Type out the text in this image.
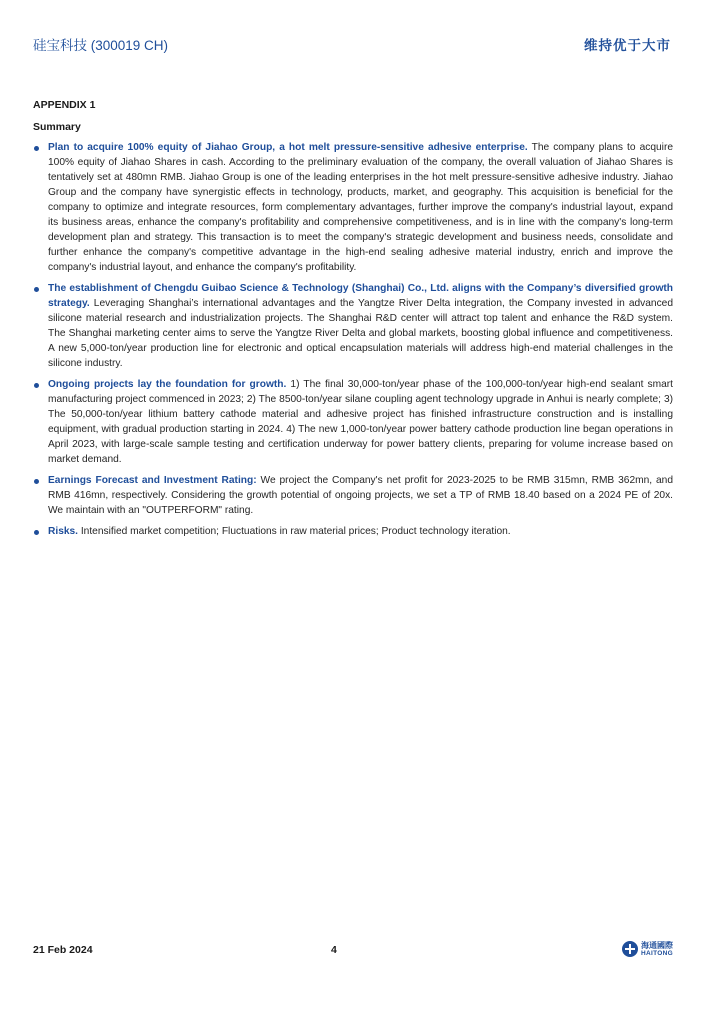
硅宝科技 (300019 CH)	维持优于大市
APPENDIX 1
Summary
Plan to acquire 100% equity of Jiahao Group, a hot melt pressure-sensitive adhesive enterprise. The company plans to acquire 100% equity of Jiahao Shares in cash. According to the preliminary evaluation of the company, the overall valuation of Jiahao Shares is tentatively set at 480mn RMB. Jiahao Group is one of the leading enterprises in the hot melt pressure-sensitive adhesive industry. Jiahao Group and the company have synergistic effects in technology, products, market, and geography. This acquisition is beneficial for the company to optimize and integrate resources, form complementary advantages, further improve the company's industrial layout, expand its business areas, enhance the company's profitability and comprehensive competitiveness, and is in line with the company's long-term development plan and strategy. This transaction is to meet the company's strategic development and business needs, consolidate and further enhance the company's competitive advantage in the high-end sealing adhesive material industry, enrich and improve the company's industrial layout, and enhance the company's profitability.
The establishment of Chengdu Guibao Science & Technology (Shanghai) Co., Ltd. aligns with the Company’s diversified growth strategy. Leveraging Shanghai’s international advantages and the Yangtze River Delta integration, the Company invested in advanced silicone material research and industrialization projects. The Shanghai R&D center will attract top talent and enhance the R&D system. The Shanghai marketing center aims to serve the Yangtze River Delta and global markets, boosting global influence and competitiveness. A new 5,000-ton/year production line for electronic and optical encapsulation materials will address high-end material challenges in the silicone industry.
Ongoing projects lay the foundation for growth. 1) The final 30,000-ton/year phase of the 100,000-ton/year high-end sealant smart manufacturing project commenced in 2023; 2) The 8500-ton/year silane coupling agent technology upgrade in Anhui is nearly complete; 3) The 50,000-ton/year lithium battery cathode material and adhesive project has finished infrastructure construction and is installing equipment, with gradual production starting in 2024. 4) The new 1,000-ton/year power battery cathode production line began operations in April 2023, with large-scale sample testing and certification underway for power battery clients, preparing for volume increase based on market demand.
Earnings Forecast and Investment Rating: We project the Company's net profit for 2023-2025 to be RMB 315mn, RMB 362mn, and RMB 416mn, respectively. Considering the growth potential of ongoing projects, we set a TP of RMB 18.40 based on a 2024 PE of 20x. We maintain with an "OUTPERFORM" rating.
Risks. Intensified market competition; Fluctuations in raw material prices; Product technology iteration.
21 Feb 2024	4	海通國際
HAITONG
